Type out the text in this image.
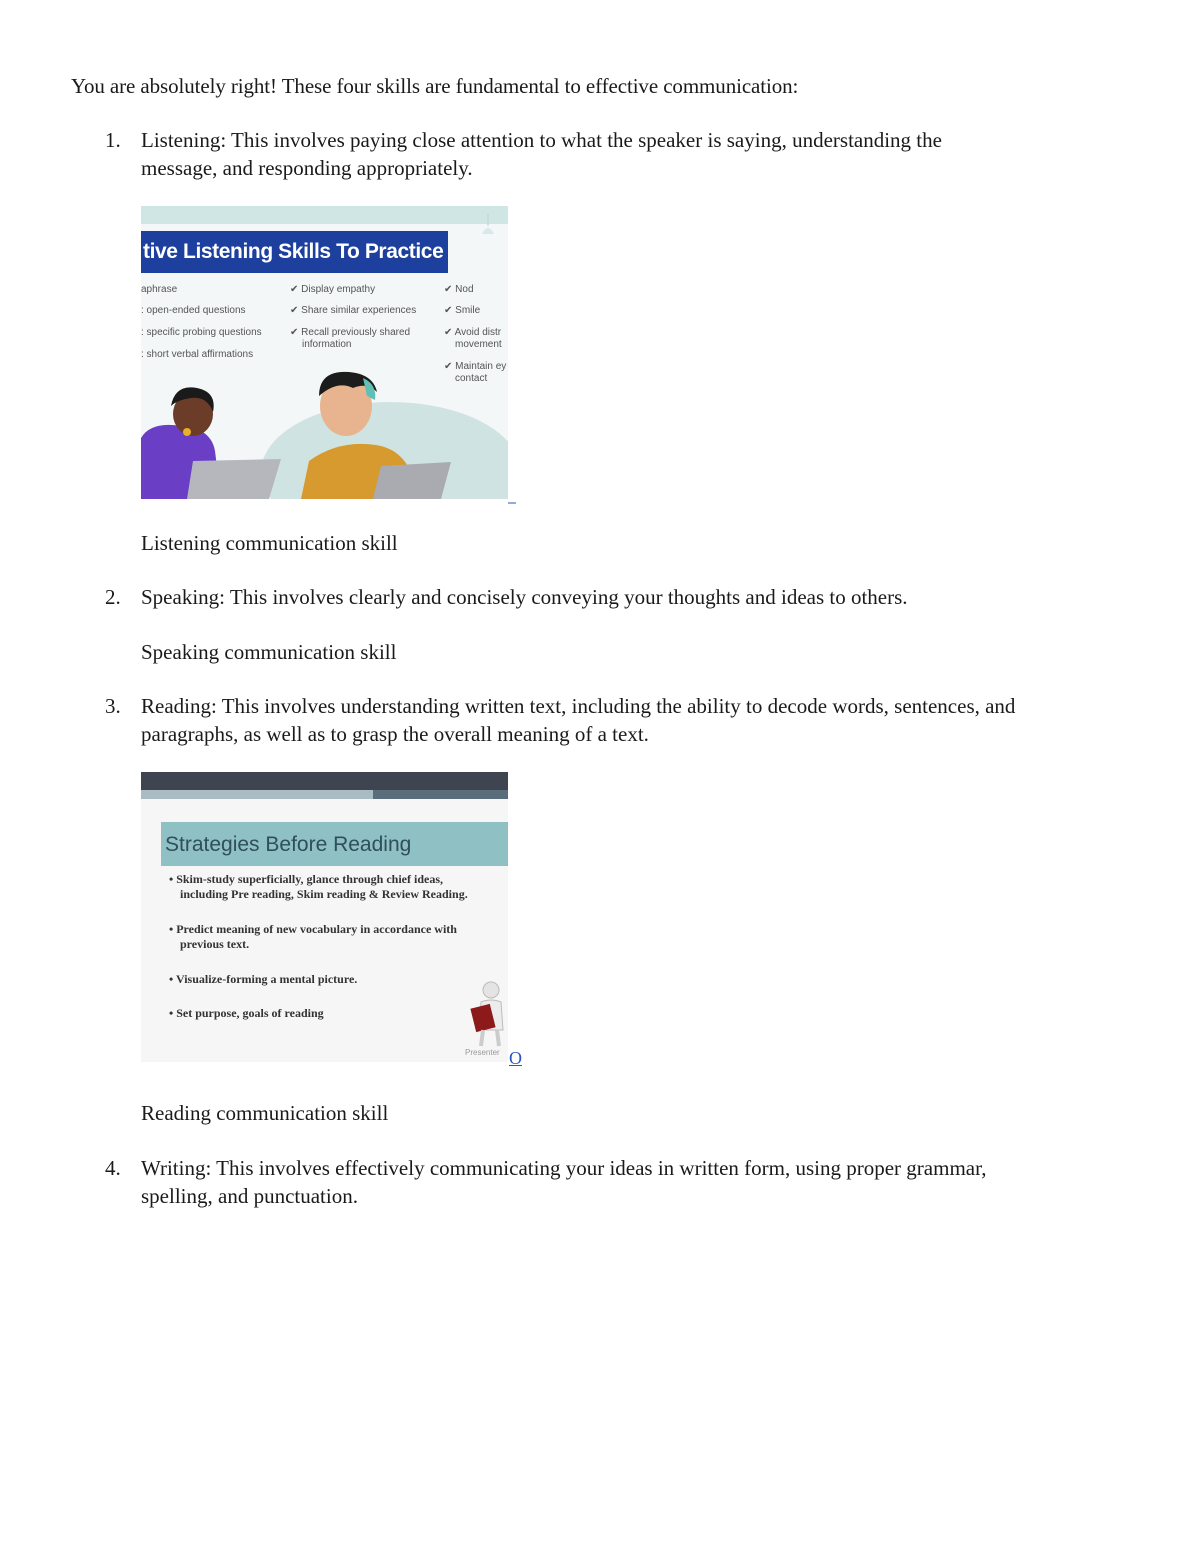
You are absolutely right! These four skills are fundamental to effective communication:
1. Listening: This involves paying close attention to what the speaker is saying, understanding the
message, and responding appropriately.
tive Listening Skills To Practice
aphrase
: open-ended questions
: specific probing questions
: short verbal affirmations
✔ Display empathy
✔ Share similar experiences
✔ Recall previously shared
information
✔ Nod
✔ Smile
✔ Avoid distr
movement
✔ Maintain ey
contact
Listening communication skill
2. Speaking: This involves clearly and concisely conveying your thoughts and ideas to others.
Speaking communication skill
3. Reading: This involves understanding written text, including the ability to decode words, sentences, and
paragraphs, as well as to grasp the overall meaning of a text.
Strategies Before Reading
• Skim-study superficially, glance through chief ideas,
including Pre reading, Skim reading & Review Reading.
• Predict meaning of new vocabulary in accordance with
previous text.
• Visualize-forming a mental picture.
• Set purpose, goals of reading
Presenter O
Reading communication skill
4. Writing: This involves effectively communicating your ideas in written form, using proper grammar,
spelling, and punctuation.
